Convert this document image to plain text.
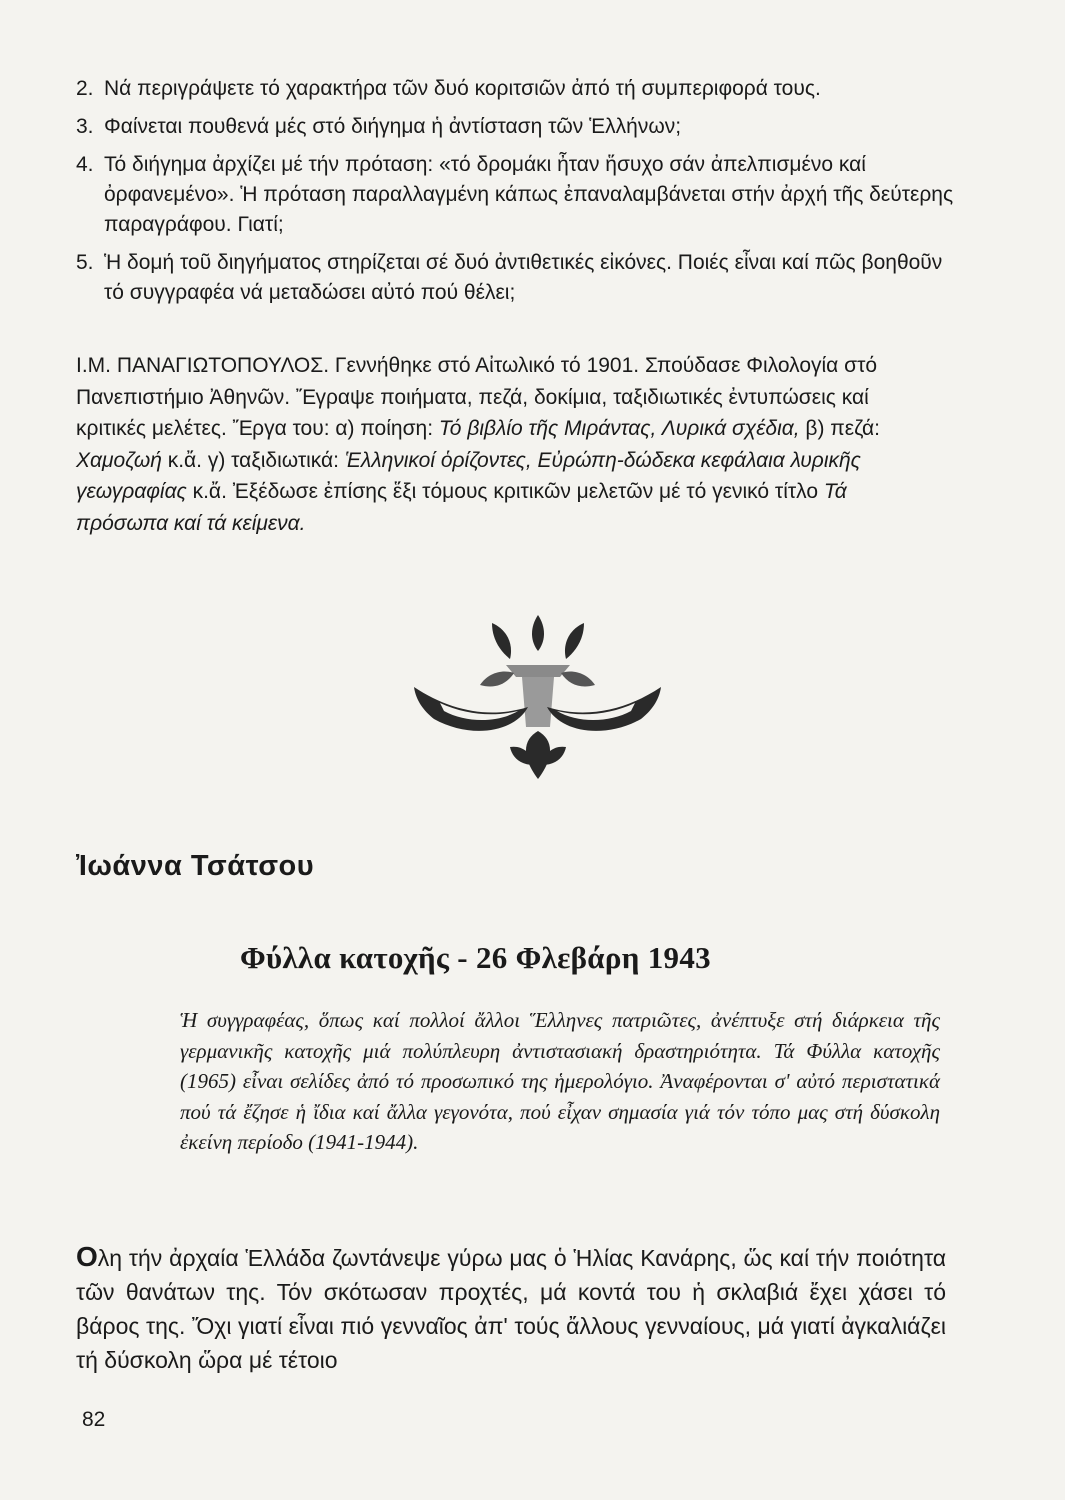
2. Νά περιγράψετε τό χαρακτήρα τῶν δυό κοριτσιῶν ἀπό τή συμπεριφορά τους.
3. Φαίνεται πουθενά μές στό διήγημα ἡ ἀντίσταση τῶν Ἑλλήνων;
4. Τό διήγημα ἀρχίζει μέ τήν πρόταση: «τό δρομάκι ἦταν ἥσυχο σάν ἀπελπισμένο καί ὀρφανεμένο». Ἡ πρόταση παραλλαγμένη κάπως ἐπαναλαμβάνεται στήν ἀρχή τῆς δεύτερης παραγράφου. Γιατί;
5. Ἡ δομή τοῦ διηγήματος στηρίζεται σέ δυό ἀντιθετικές εἰκόνες. Ποιές εἶναι καί πῶς βοηθοῦν τό συγγραφέα νά μεταδώσει αὐτό πού θέλει;
Ι.Μ. ΠΑΝΑΓΙΩΤΟΠΟΥΛΟΣ. Γεννήθηκε στό Αἰτωλικό τό 1901. Σπούδασε Φιλολογία στό Πανεπιστήμιο Ἀθηνῶν. Ἔγραψε ποιήματα, πεζά, δοκίμια, ταξιδιωτικές ἐντυπώσεις καί κριτικές μελέτες. Ἔργα του: α) ποίηση: Τό βιβλίο τῆς Μιράντας, Λυρικά σχέδια, β) πεζά: Χαμοζωή κ.ἄ. γ) ταξιδιωτικά: Ἑλληνικοί ὁρίζοντες, Εὐρώπη-δώδεκα κεφάλαια λυρικῆς γεωγραφίας κ.ἄ. Ἐξέδωσε ἐπίσης ἕξι τόμους κριτικῶν μελετῶν μέ τό γενικό τίτλο Τά πρόσωπα καί τά κείμενα.
Ἰωάννα Τσάτσου
Φύλλα κατοχῆς - 26 Φλεβάρη 1943
Ἡ συγγραφέας, ὅπως καί πολλοί ἄλλοι Ἕλληνες πατριῶτες, ἀνέπτυξε στή διάρκεια τῆς γερμανικῆς κατοχῆς μιά πολύπλευρη ἀντιστασιακή δραστηριότητα. Τά Φύλλα κατοχῆς (1965) εἶναι σελίδες ἀπό τό προσωπικό της ἡμερολόγιο. Ἀναφέρονται σ' αὐτό περιστατικά πού τά ἔζησε ἡ ἴδια καί ἄλλα γεγονότα, πού εἶχαν σημασία γιά τόν τόπο μας στή δύσκολη ἐκείνη περίοδο (1941-1944).
Ολη τήν ἀρχαία Ἑλλάδα ζωντάνεψε γύρω μας ὁ Ἡλίας Κανάρης, ὥς καί τήν ποιότητα τῶν θανάτων της. Τόν σκότωσαν προχτές, μά κοντά του ἡ σκλαβιά ἔχει χάσει τό βάρος της. Ὄχι γιατί εἶναι πιό γενναῖος ἀπ' τούς ἄλλους γενναίους, μά γιατί ἀγκαλιάζει τή δύσκολη ὥρα μέ τέτοιο
82
